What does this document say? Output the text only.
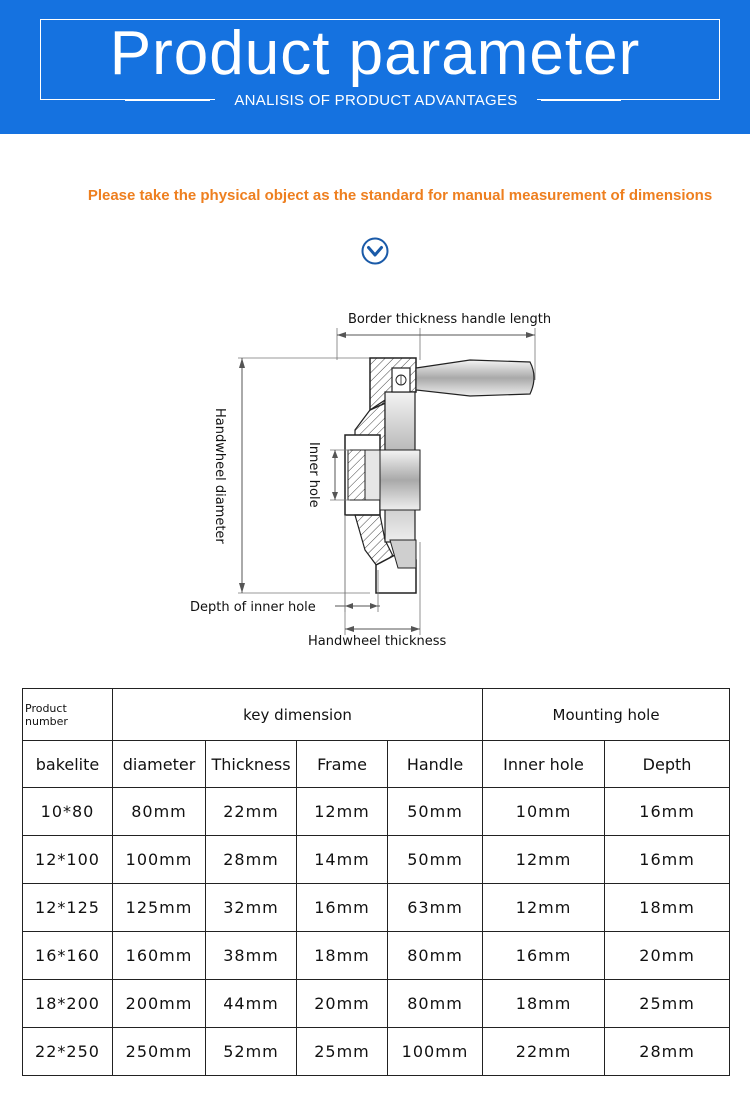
Product parameter
ANALISIS OF PRODUCT ADVANTAGES
Please take the physical object as the standard for manual measurement of dimensions
Handwheel diameter
Border thickness handle length
Inner hole
Depth of inner hole
Handwheel thickness
Product number	key dimension				Mounting hole	
bakelite	diameter	Thickness	Frame	Handle	Inner hole	Depth
10*80	80mm	22mm	12mm	50mm	10mm	16mm
12*100	100mm	28mm	14mm	50mm	12mm	16mm
12*125	125mm	32mm	16mm	63mm	12mm	18mm
16*160	160mm	38mm	18mm	80mm	16mm	20mm
18*200	200mm	44mm	20mm	80mm	18mm	25mm
22*250	250mm	52mm	25mm	100mm	22mm	28mm
